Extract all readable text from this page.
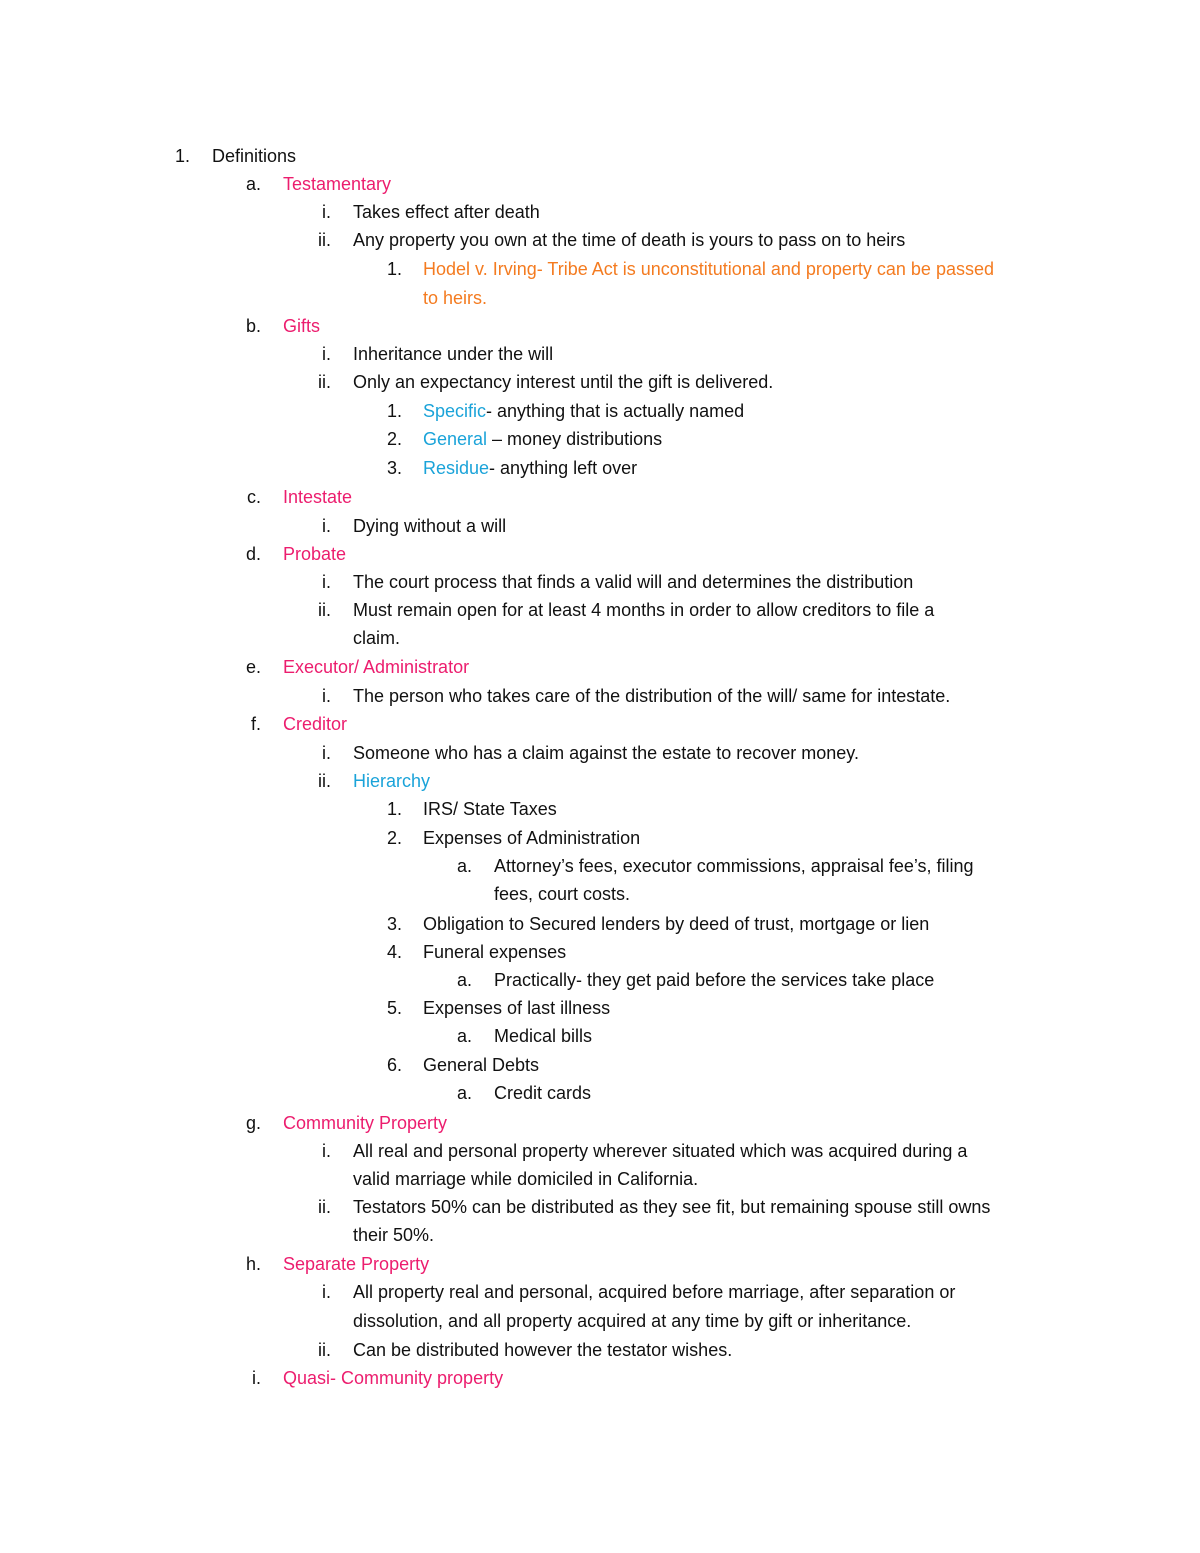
1. Definitions
a. Testamentary
i. Takes effect after death
ii. Any property you own at the time of death is yours to pass on to heirs
1. Hodel v. Irving- Tribe Act is unconstitutional and property can be passed
to heirs.
b. Gifts
i. Inheritance under the will
ii. Only an expectancy interest until the gift is delivered.
1. Specific- anything that is actually named
2. General – money distributions
3. Residue- anything left over
c. Intestate
i. Dying without a will
d. Probate
i. The court process that finds a valid will and determines the distribution
ii. Must remain open for at least 4 months in order to allow creditors to file a
claim.
e. Executor/ Administrator
i. The person who takes care of the distribution of the will/ same for intestate.
f. Creditor
i. Someone who has a claim against the estate to recover money.
ii. Hierarchy
1. IRS/ State Taxes
2. Expenses of Administration
a. Attorney’s fees, executor commissions, appraisal fee’s, filing
fees, court costs.
3. Obligation to Secured lenders by deed of trust, mortgage or lien
4. Funeral expenses
a. Practically- they get paid before the services take place
5. Expenses of last illness
a. Medical bills
6. General Debts
a. Credit cards
g. Community Property
i. All real and personal property wherever situated which was acquired during a
valid marriage while domiciled in California.
ii. Testators 50% can be distributed as they see fit, but remaining spouse still owns
their 50%.
h. Separate Property
i. All property real and personal, acquired before marriage, after separation or
dissolution, and all property acquired at any time by gift or inheritance.
ii. Can be distributed however the testator wishes.
i. Quasi- Community property
